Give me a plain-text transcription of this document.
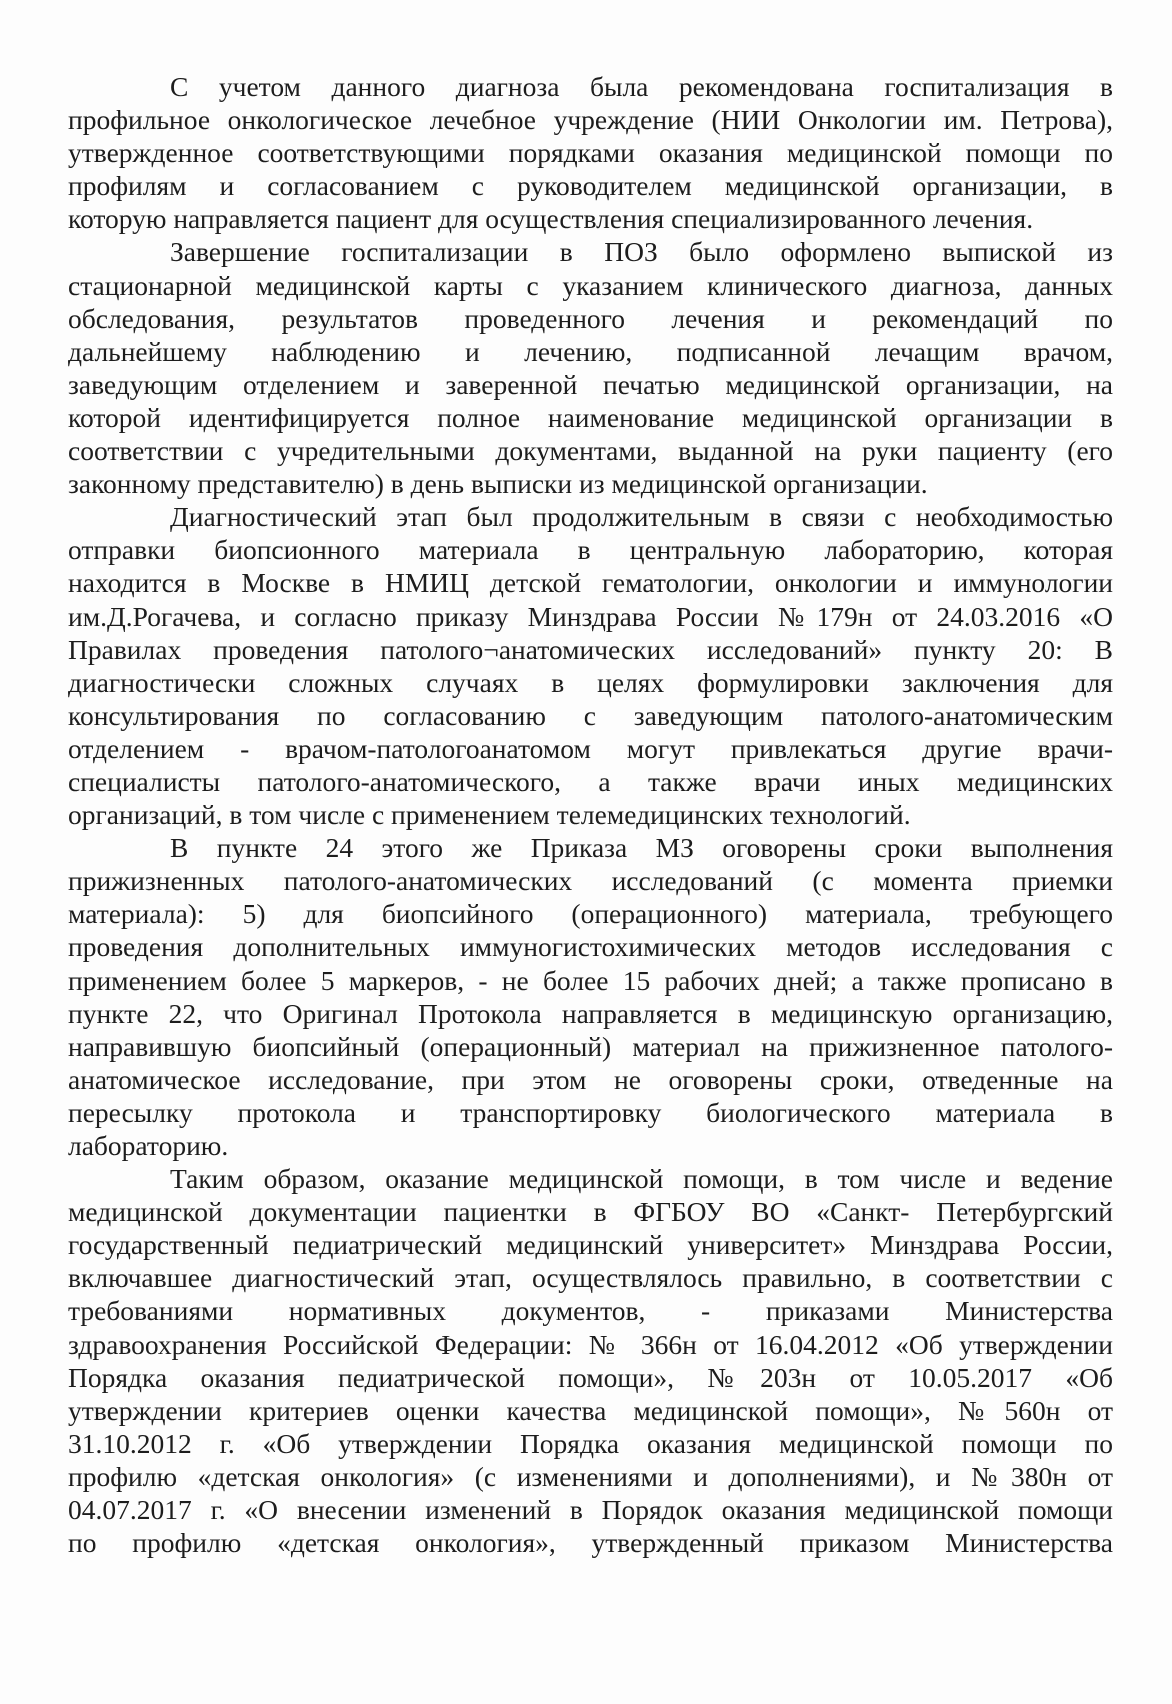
С учетом данного диагноза была рекомендована госпитализация в
профильное онкологическое лечебное учреждение (НИИ Онкологии им. Петрова),
утвержденное соответствующими порядками оказания медицинской помощи по
профилям и согласованием с руководителем медицинской организации, в
которую направляется пациент для осуществления специализированного лечения.
Завершение госпитализации в ПОЗ было оформлено выпиской из
стационарной медицинской карты с указанием клинического диагноза, данных
обследования, результатов проведенного лечения и рекомендаций по
дальнейшему наблюдению и лечению, подписанной лечащим врачом,
заведующим отделением и заверенной печатью медицинской организации, на
которой идентифицируется полное наименование медицинской организации в
соответствии с учредительными документами, выданной на руки пациенту (его
законному представителю) в день выписки из медицинской организации.
Диагностический этап был продолжительным в связи с необходимостью
отправки биопсионного материала в центральную лабораторию, которая
находится в Москве в НМИЦ детской гематологии, онкологии и иммунологии
им.Д.Рогачева, и согласно приказу Минздрава России №179н от 24.03.2016 «О
Правилах проведения патолого¬анатомических исследований» пункту 20: В
диагностически сложных случаях в целях формулировки заключения для
консультирования по согласованию с заведующим патолого-анатомическим
отделением - врачом-патологоанатомом могут привлекаться другие врачи-
специалисты патолого-анатомического, а также врачи иных медицинских
организаций, в том числе с применением телемедицинских технологий.
В пункте 24 этого же Приказа МЗ оговорены сроки выполнения
прижизненных патолого-анатомических исследований (с момента приемки
материала): 5) для биопсийного (операционного) материала, требующего
проведения дополнительных иммуногистохимических методов исследования с
применением более 5 маркеров, - не более 15 рабочих дней; а также прописано в
пункте 22, что Оригинал Протокола направляется в медицинскую организацию,
направившую биопсийный (операционный) материал на прижизненное патолого-
анатомическое исследование, при этом не оговорены сроки, отведенные на
пересылку протокола и транспортировку биологического материала в
лабораторию.
Таким образом, оказание медицинской помощи, в том числе и ведение
медицинской документации пациентки в ФГБОУ ВО «Санкт- Петербургский
государственный педиатрический медицинский университет» Минздрава России,
включавшее диагностический этап, осуществлялось правильно, в соответствии с
требованиями нормативных документов, - приказами Министерства
здравоохранения Российской Федерации: № 366н от 16.04.2012 «Об утверждении
Порядка оказания педиатрической помощи», №203н от 10.05.2017 «Об
утверждении критериев оценки качества медицинской помощи», №560н от
31.10.2012 г. «Об утверждении Порядка оказания медицинской помощи по
профилю «детская онкология» (с изменениями и дополнениями), и №380н от
04.07.2017 г. «О внесении изменений в Порядок оказания медицинской помощи
по профилю «детская онкология», утвержденный приказом Министерства
